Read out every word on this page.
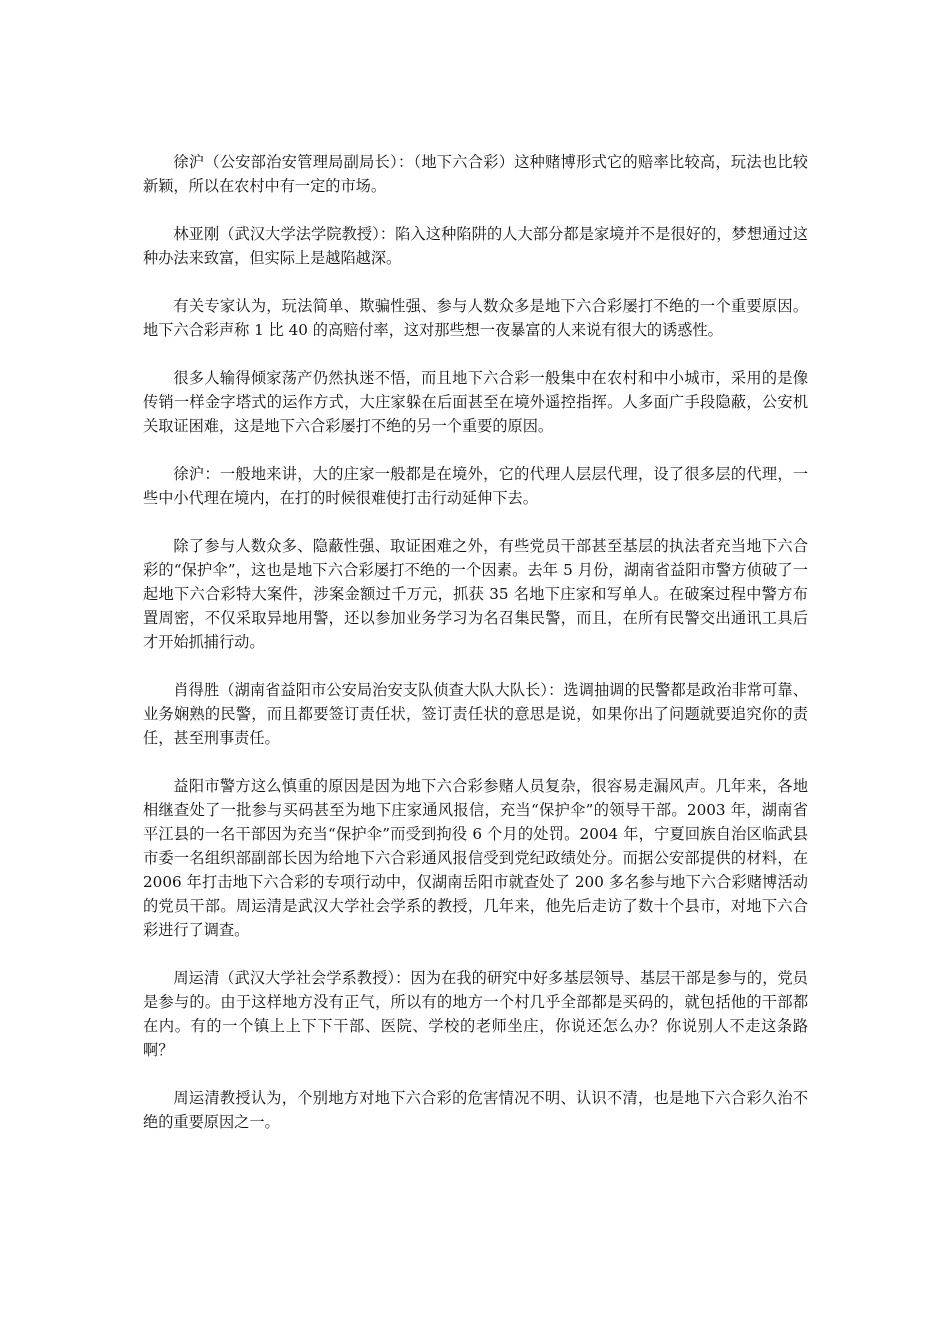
徐沪（公安部治安管理局副局长）：（地下六合彩）这种赌博形式它的赔率比较高，玩法也比较新颖，所以在农村中有一定的市场。

林亚刚（武汉大学法学院教授）：陷入这种陷阱的人大部分都是家境并不是很好的，梦想通过这种办法来致富，但实际上是越陷越深。

有关专家认为，玩法简单、欺骗性强、参与人数众多是地下六合彩屡打不绝的一个重要原因。地下六合彩声称 1 比 40 的高赔付率，这对那些想一夜暴富的人来说有很大的诱惑性。

很多人输得倾家荡产仍然执迷不悟，而且地下六合彩一般集中在农村和中小城市，采用的是像传销一样金字塔式的运作方式，大庄家躲在后面甚至在境外遥控指挥。人多面广手段隐蔽，公安机关取证困难，这是地下六合彩屡打不绝的另一个重要的原因。

徐沪：一般地来讲，大的庄家一般都是在境外，它的代理人层层代理，设了很多层的代理，一些中小代理在境内，在打的时候很难使打击行动延伸下去。

除了参与人数众多、隐蔽性强、取证困难之外，有些党员干部甚至基层的执法者充当地下六合彩的“保护伞”，这也是地下六合彩屡打不绝的一个因素。去年 5 月份，湖南省益阳市警方侦破了一起地下六合彩特大案件，涉案金额过千万元，抓获 35 名地下庄家和写单人。在破案过程中警方布置周密，不仅采取异地用警，还以参加业务学习为名召集民警，而且，在所有民警交出通讯工具后才开始抓捕行动。

肖得胜（湖南省益阳市公安局治安支队侦查大队大队长）：选调抽调的民警都是政治非常可靠、业务娴熟的民警，而且都要签订责任状，签订责任状的意思是说，如果你出了问题就要追究你的责任，甚至刑事责任。

益阳市警方这么慎重的原因是因为地下六合彩参赌人员复杂，很容易走漏风声。几年来，各地相继查处了一批参与买码甚至为地下庄家通风报信，充当“保护伞”的领导干部。2003 年，湖南省平江县的一名干部因为充当“保护伞”而受到拘役 6 个月的处罚。2004 年，宁夏回族自治区临武县市委一名组织部副部长因为给地下六合彩通风报信受到党纪政绩处分。而据公安部提供的材料，在 2006 年打击地下六合彩的专项行动中，仅湖南岳阳市就查处了 200 多名参与地下六合彩赌博活动的党员干部。周运清是武汉大学社会学系的教授，几年来，他先后走访了数十个县市，对地下六合彩进行了调查。

周运清（武汉大学社会学系教授）：因为在我的研究中好多基层领导、基层干部是参与的，党员是参与的。由于这样地方没有正气，所以有的地方一个村几乎全部都是买码的，就包括他的干部都在内。有的一个镇上上下下干部、医院、学校的老师坐庄，你说还怎么办？你说别人不走这条路啊？

周运清教授认为，个别地方对地下六合彩的危害情况不明、认识不清，也是地下六合彩久治不绝的重要原因之一。
